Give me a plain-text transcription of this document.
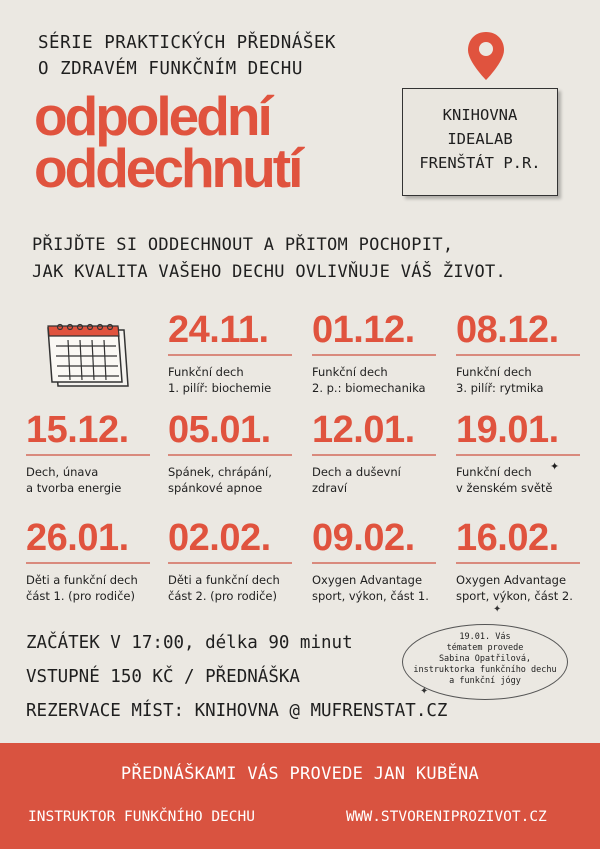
SÉRIE PRAKTICKÝCH PŘEDNÁŠEK
O ZDRAVÉM FUNKČNÍM DECHU
odpolední
oddechnutí
KNIHOVNA
IDEALAB
FRENŠTÁT P.R.
PŘIJĎTE SI ODDECHNOUT A PŘITOM POCHOPIT,
JAK KVALITA VAŠEHO DECHU OVLIVŇUJE VÁŠ ŽIVOT.
24.11.
Funkční dech
1. pilíř: biochemie
01.12.
Funkční dech
2. p.: biomechanika
08.12.
Funkční dech
3. pilíř: rytmika
15.12.
Dech, únava
a tvorba energie
05.01.
Spánek, chrápání,
spánkové apnoe
12.01.
Dech a duševní
zdraví
19.01.
Funkční dech
v ženském světě
✦
26.01.
Děti a funkční dech
část 1. (pro rodiče)
02.02.
Děti a funkční dech
část 2. (pro rodiče)
09.02.
Oxygen Advantage
sport, výkon, část 1.
16.02.
Oxygen Advantage
sport, výkon, část 2.
ZAČÁTEK V 17:00, délka 90 minut
VSTUPNÉ 150 KČ / PŘEDNÁŠKA
REZERVACE MÍST: KNIHOVNA @ MUFRENSTAT.CZ
✦
19.01. Vás
tématem provede
Sabina Opatřilová,
instruktorka funkčního dechu
a funkční jógy
✦
PŘEDNÁŠKAMI VÁS PROVEDE JAN KUBĚNA
INSTRUKTOR FUNKČNÍHO DECHU	WWW.STVORENIPROZIVOT.CZ
